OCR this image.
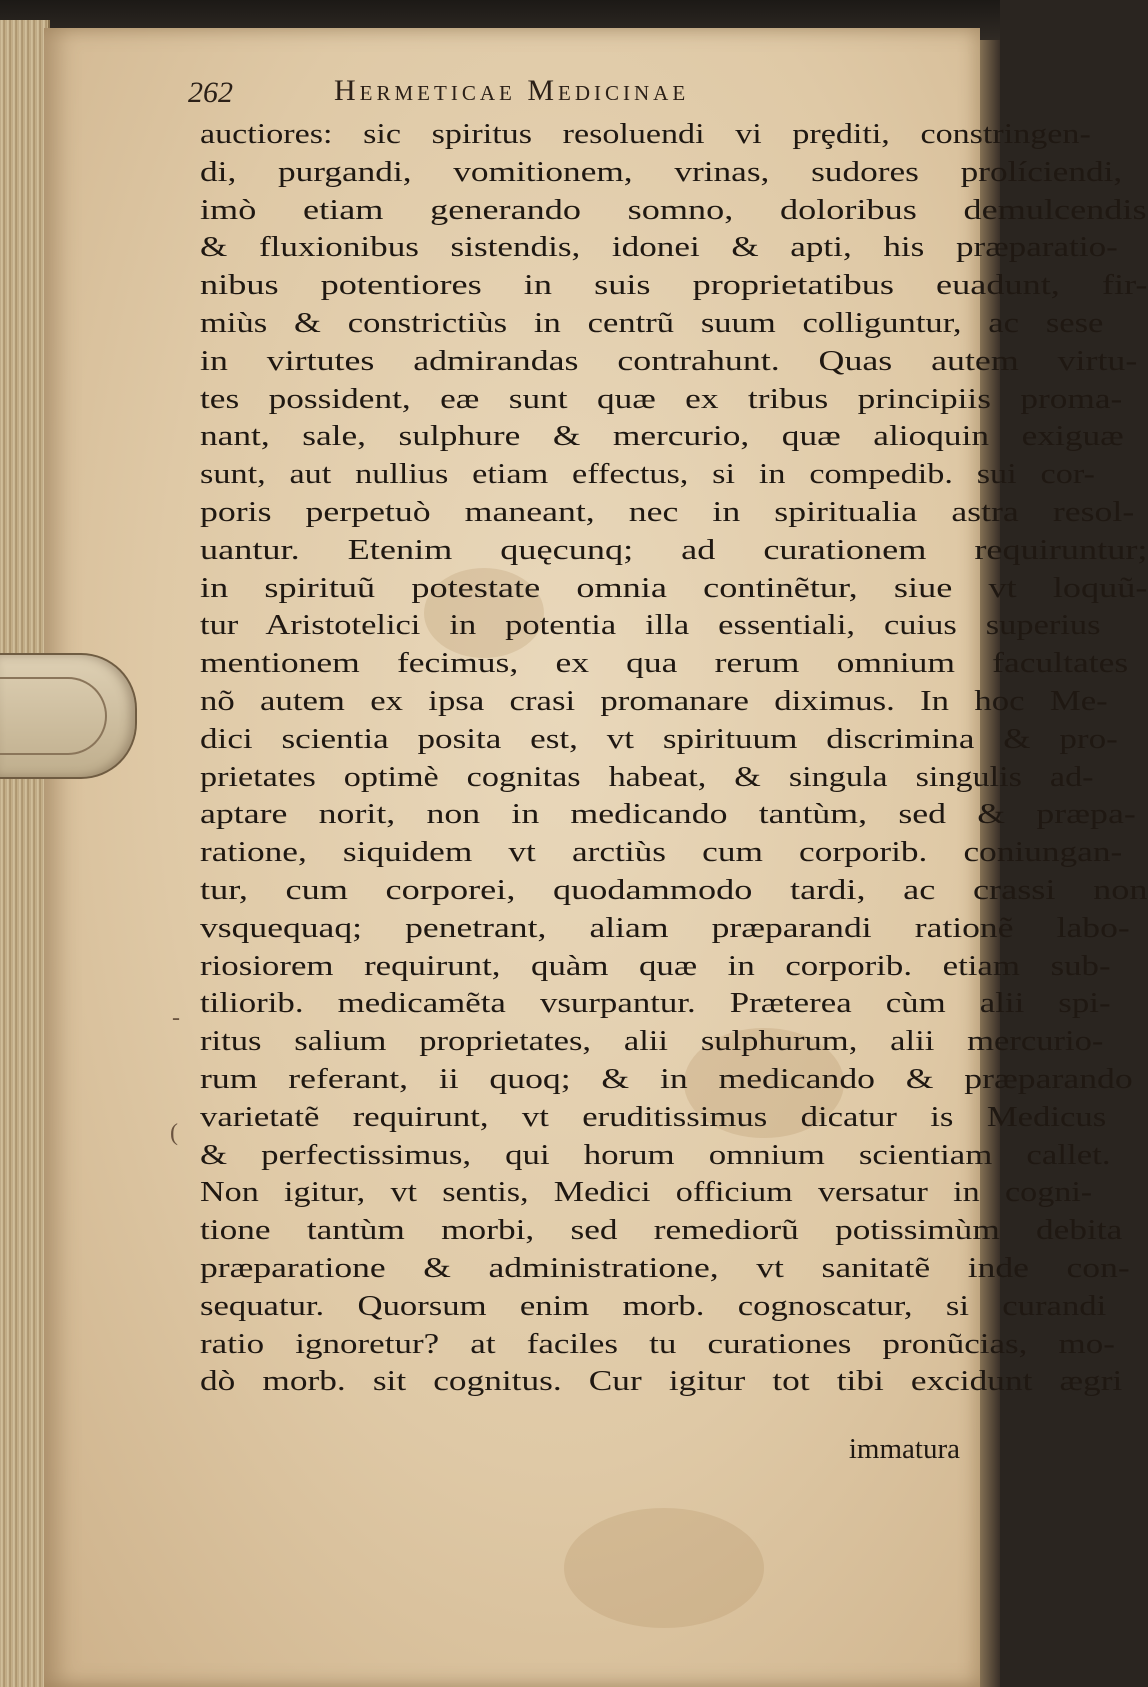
262	Hermeticae Medicinae
auctiores: sic spiritus resoluendi vi prȩditi, constringen-
di, purgandi, vomitionem, vrinas, sudores prolíciendi,
imò etiam generando somno, doloribus demulcendis
& fluxionibus sistendis, idonei & apti, his præparatio-
nibus potentiores in suis proprietatibus euadunt, fir-
miùs & constrictiùs in centrũ suum colliguntur, ac sese
in virtutes admirandas contrahunt. Quas autem virtu-
tes possident, eæ sunt quæ ex tribus principiis proma-
nant, sale, sulphure & mercurio, quæ alioquin exiguæ
sunt, aut nullius etiam effectus, si in compedib. sui cor-
poris perpetuò maneant, nec in spiritualia astra resol-
uantur. Etenim quęcunq; ad curationem requiruntur;
in spirituũ potestate omnia continẽtur, siue vt loquũ-
tur Aristotelici in potentia illa essentiali, cuius superius
mentionem fecimus, ex qua rerum omnium facultates
nõ autem ex ipsa crasi promanare diximus. In hoc Me-
dici scientia posita est, vt spirituum discrimina & pro-
prietates optimè cognitas habeat, & singula singulis ad-
aptare norit, non in medicando tantùm, sed & præpa-
ratione, siquidem vt arctiùs cum corporib. coniungan-
tur, cum corporei, quodammodo tardi, ac crassi non
vsquequaq; penetrant, aliam præparandi rationẽ labo-
riosiorem requirunt, quàm quæ in corporib. etiam sub-
tiliorib. medicamẽta vsurpantur. Præterea cùm alii spi-
ritus salium proprietates, alii sulphurum, alii mercurio-
rum referant, ii quoq; & in medicando & præparando
varietatẽ requirunt, vt eruditissimus dicatur is Medicus
& perfectissimus, qui horum omnium scientiam callet.
Non igitur, vt sentis, Medici officium versatur in cogni-
tione tantùm morbi, sed remediorũ potissimùm debita
præparatione & administratione, vt sanitatẽ inde con-
sequatur. Quorsum enim morb. cognoscatur, si curandi
ratio ignoretur? at faciles tu curationes pronũcias, mo-
dò morb. sit cognitus. Cur igitur tot tibi excidunt ægri
immatura
-
(
